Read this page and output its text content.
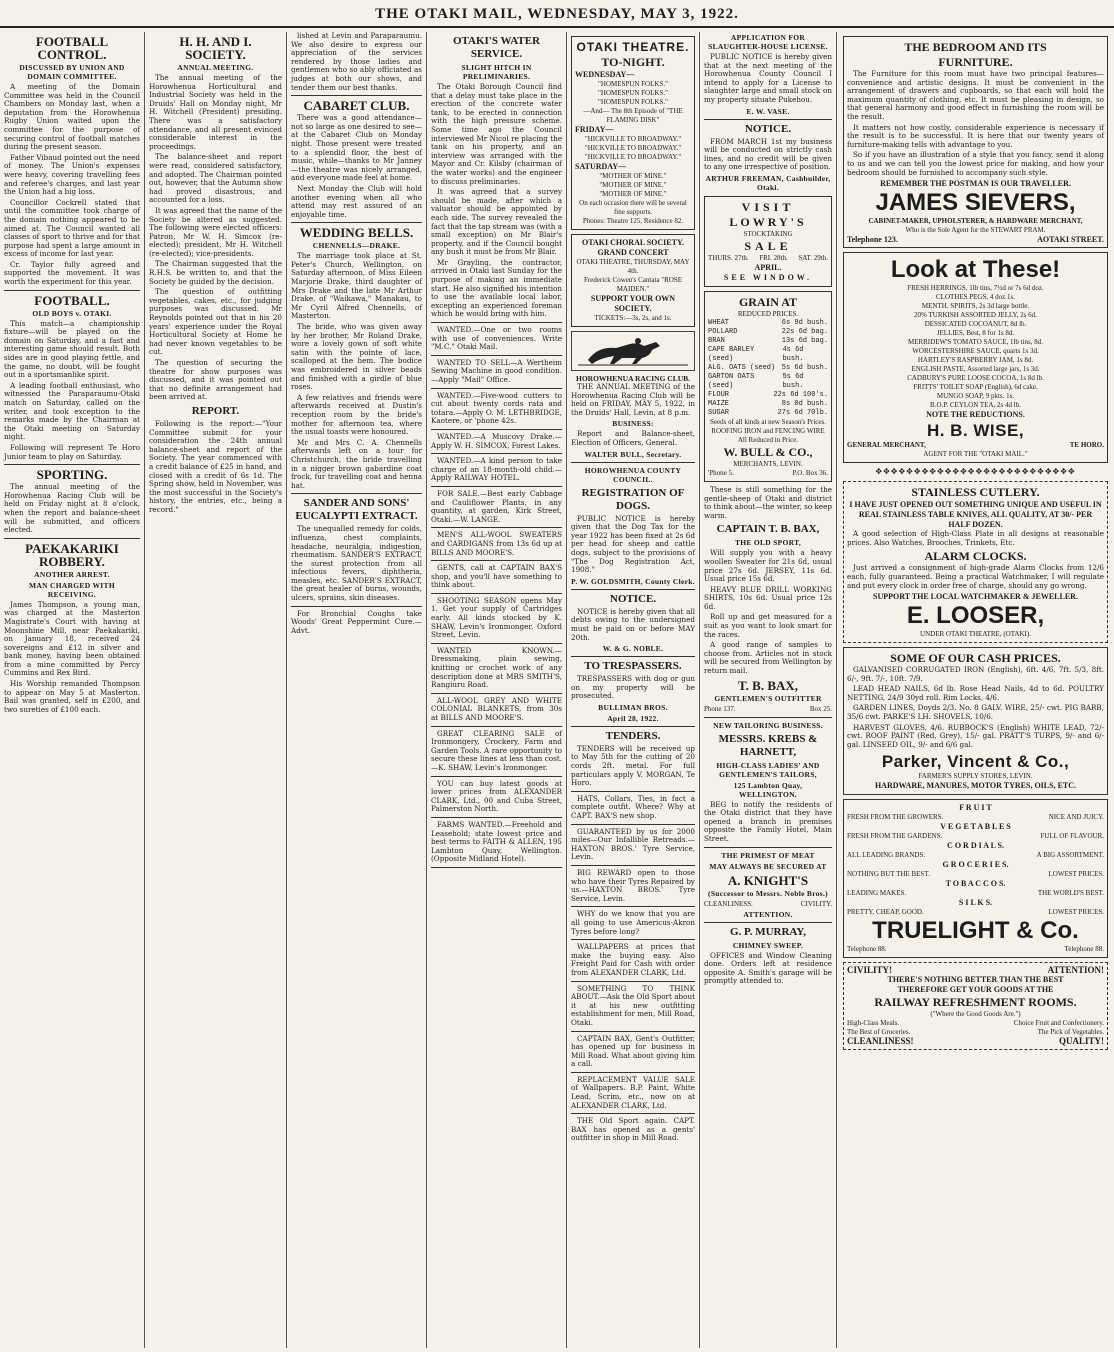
THE OTAKI MAIL, WEDNESDAY, MAY 3, 1922.
FOOTBALL CONTROL.
DISCUSSED BY UNION AND DOMAIN COMMITTEE.

A meeting of the Domain Committee was held in the Council Chambers on Monday last, when a deputation from the Horowhenua Rugby Union waited upon the committee for the purpose of securing control of football matches during the present season.

Father Vibaud pointed out the need of money. The Union's expenses were heavy, covering travelling fees and referee's charges, and last year the Union had a big loss.

Councillor Cockrell stated that until the committee took charge of the domain nothing appeared to be aimed at. The Council wanted all classes of sport to thrive and for that purpose had spent a large amount in excess of income for last year.

Cr. Taylor fully agreed and supported the movement. It was worth the experiment for this year.

FOOTBALL.
OLD BOYS v. OTAKI.

This match—a championship fixture—will be played on the domain on Saturday, and a fast and interesting game should result. Both sides are in good playing fettle, and the game, no doubt, will be fought out in a sportsmanlike spirit.

A leading football enthusiast, who witnessed the Paraparaumu-Otaki match on Saturday, called on the writer, and took exception to the remarks made by the Chairman at the Otaki meeting on Saturday night.

Following will represent Te Horo Junior team to play on Saturday.

SPORTING.

The annual meeting of the Horowhenua Racing Club will be held on Friday night at 8 o'clock, when the report and balance-sheet will be submitted, and officers elected.

PAEKAKARIKI ROBBERY.
ANOTHER ARREST.
MAN CHARGED WITH RECEIVING.

James Thompson, a young man, was charged at the Masterton Magistrate's Court with having at Moonshine Mill, near Paekakariki, on January 18, received 24 sovereigns and £12 in silver and bank money, having been obtained from a mine committed by Percy Cummins and Rex Bird.

His Worship remanded Thompson to appear on May 5 at Masterton. Bail was granted, self in £200, and two sureties of £100 each.

H. H. AND I. SOCIETY.
ANNUAL MEETING.

The annual meeting of the Horowhenua Horticultural and Industrial Society was held in the Druids' Hall on Monday night, Mr H. Witchell (President) presiding. There was a satisfactory attendance, and all present evinced considerable interest in the proceedings.

The balance-sheet and report were read, considered satisfactory, and adopted. The Chairman pointed out, however, that the Autumn show had proved disastrous, and accounted for a loss.

It was agreed that the name of the Society be altered as suggested. The following were elected officers: Patron, Mr W. H. Simcox (re-elected); president, Mr H. Witchell (re-elected); vice-presidents.

The Chairman suggested that the R.H.S. be written to, and that the Society be guided by the decision.

The question of outfitting vegetables, cakes, etc., for judging purposes was discussed. Mr Reynolds pointed out that in his 20 years' experience under the Royal Horticultural Society at Home he had never known vegetables to be cut.

The question of securing the theatre for show purposes was discussed, and it was pointed out that no definite arrangement had been arrived at.

REPORT.

Following is the report:—"Your Committee submit for your consideration the 24th annual balance-sheet and report of the Society. The year commenced with a credit balance of £25 in hand, and closed with a credit of 6s 1d. The Spring show, held in November, was the most successful in the Society's history, the entries, etc., being a record."

lished at Levin and Paraparaumu. We also desire to express our appreciation of the services rendered by those ladies and gentlemen who so ably officiated as judges at both our shows, and tender them our best thanks.

CABARET CLUB.

There was a good attendance—not so large as one desired to see—at the Cabaret Club on Monday night. Those present were treated to a splendid floor, the best of music, while—thanks to Mr Janney—the theatre was nicely arranged, and everyone made feel at home.

Next Monday the Club will hold another evening when all who attend may rest assured of an enjoyable time.

WEDDING BELLS.
CHENNELLS—DRAKE.

The marriage took place at St. Peter's Church, Wellington, on Saturday afternoon, of Miss Eileen Marjorie Drake, third daughter of Mrs Drake and the late Mr Arthur Drake, of "Waikawa," Manakau, to Mr Cyril Alfred Chennells, of Masterton.

The bride, who was given away by her brother, Mr Roland Drake, wore a lovely gown of soft white satin with the pointe of lace, scalloped at the hem. The bodice was embroidered in silver beads and finished with a girdle of blue roses.

A few relatives and friends were afterwards received at Dustin's reception room by the bride's mother for afternoon tea, where the usual toasts were honoured.

Mr and Mrs C. A. Chennells afterwards left on a tour for Christchurch, the bride travelling in a nigger brown gabardine coat frock, fur travelling coat and henna hat.

SANDER AND SONS' EUCALYPTI EXTRACT.

The unequalled remedy for colds, influenza, chest complaints, headache, neuralgia, indigestion, rheumatism. SANDER'S EXTRACT, the surest protection from all infectious fevers, diphtheria, measles, etc. SANDER'S EXTRACT, the great healer of burns, wounds, ulcers, sprains, skin diseases.

For Bronchial Coughs take Woods' Great Peppermint Cure.—Advt.

OTAKI'S WATER SERVICE.
SLIGHT HITCH IN PRELIMINARIES.

The Otaki Borough Council find that a delay must take place in the erection of the concrete water tank, to be erected in connection with the high pressure scheme. Some time ago the Council interviewed Mr Nicol re placing the tank on his property, and an interview was arranged with the Mayor and Cr. Kilsby (chairman of the water works) and the engineer to discuss preliminaries.

It was agreed that a survey should be made, after which a valuator should be appointed by each side. The survey revealed the fact that the tap stream was (with a small exception) on Mr Blair's property, and if the Council bought any bush it must be from Mr Blair.

Mr Grayling, the contractor, arrived in Otaki last Sunday for the purpose of making an immediate start. He also signified his intention to use the available local labor, excepting an experienced foreman which he would bring with him.

WANTED.—One or two rooms with use of conveniences. Write "M.C." Otaki Mail.

WANTED TO SELL—A Wertheim Sewing Machine in good condition.—Apply "Mail" Office.

WANTED.—Five-wood cutters to cut about twenty cords rata and totara.—Apply O. M. LETHBRIDGE, Kaotere, or 'phone 42s.

WANTED.—A Muscovy Drake.—Apply W. H. SIMCOX, Forest Lakes.

WANTED.—A kind person to take charge of an 18-month-old child.—Apply RAILWAY HOTEL.

FOR SALE.—Best early Cabbage and Cauliflower Plants, in any quantity, at garden, Kirk Street, Otaki.—W. LANGE.

MEN'S ALL-WOOL SWEATERS and CARDIGANS from 13s 6d up at BILLS AND MOORE'S.

GENTS, call at CAPTAIN BAX'S shop, and you'll have something to think about.

SHOOTING SEASON opens May 1. Get your supply of Cartridges early. All kinds stocked by K. SHAW, Levin's Ironmonger, Oxford Street, Levin.

WANTED KNOWN.—Dressmaking, plain sewing, knitting or crochet work of any description done at MRS SMITH'S, Rangiuru Road.

ALL-WOOL GREY AND WHITE COLONIAL BLANKETS, from 30s at BILLS AND MOORE'S.

GREAT CLEARING SALE of Ironmongery, Crockery, Farm and Garden Tools. A rare opportunity to secure these lines at less than cost.—K. SHAW, Levin's Ironmonger.

YOU can buy latest goods at lower prices from ALEXANDER CLARK, Ltd., 00 and Cuba Street, Palmerston North.

FARMS WANTED.—Freehold and Leasehold; state lowest price and best terms to FAITH & ALLEN, 195 Lambton Quay, Wellington. (Opposite Midland Hotel).

OTAKI THEATRE.
TO-NIGHT.
WEDNESDAY—
"HOMESPUN FOLKS."
"HOMESPUN FOLKS."
"HOMESPUN FOLKS."
—And— The 8th Episode of "THE FLAMING DISK"
FRIDAY—
"HICKVILLE TO BROADWAY."
"HICKVILLE TO BROADWAY."
"HICKVILLE TO BROADWAY."
SATURDAY—
"MOTHER OF MINE."
"MOTHER OF MINE."
"MOTHER OF MINE."
On each occasion there will be several fine supports.
Phones: Theatre 125, Residence 82.
OTAKI CHORAL SOCIETY.
GRAND CONCERT
OTAKI THEATRE, THURSDAY, MAY 4th.
Frederick Cowen's Cantata "ROSE MAIDEN."
SUPPORT YOUR OWN SOCIETY.
TICKETS:—3s, 2s, and 1s.
HOROWHENUA RACING CLUB.

THE ANNUAL MEETING of the Horowhenua Racing Club will be held on FRIDAY, MAY 5, 1922, in the Druids' Hall, Levin, at 8 p.m.

BUSINESS:

Report and Balance-sheet, Election of Officers, General.

WALTER BULL, Secretary.
HOROWHENUA COUNTY COUNCIL.
REGISTRATION OF DOGS.

PUBLIC NOTICE is hereby given that the Dog Tax for the year 1922 has been fixed at 2s 6d per head for sheep and cattle dogs, subject to the provisions of "The Dog Registration Act, 1908."

P. W. GOLDSMITH, County Clerk.
NOTICE.

NOTICE is hereby given that all debts owing to the undersigned must be paid on or before MAY 20th.

W. & G. NOBLE.
TO TRESPASSERS.

TRESPASSERS with dog or gun on my property will be prosecuted.

BULLIMAN BROS.
April 28, 1922.
TENDERS.

TENDERS will be received up to May 5th for the cutting of 20 cords 2ft. metal. For full particulars apply V. MORGAN, Te Horo.

HATS, Collars, Ties, in fact a complete outfit. Where? Why at CAPT. BAX'S new shop.

GUARANTEED by us for 2000 miles—Our Infallible Retreads.—HAXTON BROS.' Tyre Service, Levin.

BIG REWARD open to those who have their Tyres Repaired by us.—HAXTON BROS.' Tyre Service, Levin.

WHY do we know that you are all going to use Americus-Akron Tyres before long?

WALLPAPERS at prices that make the buying easy. Also Freight Paid for Cash with order from ALEXANDER CLARK, Ltd.

SOMETHING TO THINK ABOUT.—Ask the Old Sport about it at his new outfitting establishment for men, Mill Road, Otaki.

CAPTAIN BAX, Gent's Outfitter, has opened up for business in Mill Road. What about giving him a call.

REPLACEMENT VALUE SALE of Wallpapers. B.P. Paint, White Lead, Scrim, etc., now on at ALEXANDER CLARK, Ltd.

THE Old Sport again. CAPT. BAX has opened as a gents' outfitter in shop in Mill Road.

APPLICATION FOR SLAUGHTER-HOUSE LICENSE.

PUBLIC NOTICE is hereby given that at the next meeting of the Horowhenua County Council I intend to apply for a License to slaughter large and small stock on my property situate Pukehou.

E. W. VASE.
NOTICE.

FROM MARCH 1st my business will be conducted on strictly cash lines, and no credit will be given to any one irrespective of position.

ARTHUR FREEMAN, Cashbuilder, Otaki.
VISIT
LOWRY'S
STOCKTAKING
SALE
THURS. 27th. FRI. 28th. SAT. 29th.
APRIL.
SEE WINDOW.
GRAIN AT
REDUCED PRICES.
WHEAT	6s 9d bush.
POLLARD	22s 6d bag.
BRAN	13s 6d bag.
CAPE BARLEY (seed)
4s 6d bush.
ALG. OATS (seed) 5s 6d bush.
GARTON OATS (seed)
5s 6d bush.
FLOUR	22s 6d 100's.
MAIZE	8s 0d bush.
SUGAR	27s 6d 70lb.
Seeds of all kinds at new Season's Prices.
ROOFING IRON and FENCING WIRE All Reduced in Price.
W. BULL & CO.,
MERCHANTS, LEVIN.
'Phone 5.	P.O. Box 36.

These is still something for the gentle-sheep of Otaki and district to think about—the winter, so keep warm.

CAPTAIN T. B. BAX,
THE OLD SPORT,

Will supply you with a heavy woollen Sweater for 21s 6d, usual price 27s 6d. JERSEY, 11s 6d. Usual price 15s 6d.

HEAVY BLUE DRILL WORKING SHIRTS, 10s 6d. Usual price 12s 6d.

Roll up and get measured for a suit as you want to look smart for the races.

A good range of samples to choose from. Articles not in stock will be secured from Wellington by return mail.

T. B. BAX,
GENTLEMEN'S OUTFITTER
Phone 137.	Box 25.
NEW TAILORING BUSINESS.
MESSRS. KREBS & HARNETT,
HIGH-CLASS LADIES' AND GENTLEMEN'S TAILORS,
125 Lambton Quay, WELLINGTON.

BEG to notify the residents of the Otaki district that they have opened a branch in premises opposite the Family Hotel, Main Street.

THE PRIMEST OF MEAT
MAY ALWAYS BE SECURED AT
A. KNIGHT'S
(Successor to Messrs. Noble Bros.)
CLEANLINESS.	CIVILITY.
ATTENTION.
G. P. MURRAY,
CHIMNEY SWEEP.

OFFICES and Window Cleaning done. Orders left at residence opposite A. Smith's garage will be promptly attended to.

THE BEDROOM AND ITS
FURNITURE.

The Furniture for this room must have two principal features—convenience and artistic designs. It must be convenient in the arrangement of drawers and cupboards, so that each will hold the maximum quantity of clothing, etc. It must be pleasing in design, so that general harmony and good effect in furnishing the room will be the result.

It matters not how costly, considerable experience is necessary if the result is to be successful. It is here that our twenty years of furniture-making tells with advantage to you.

So if you have an illustration of a style that you fancy, send it along to us and we can tell you the lowest price for making, and how your bedroom should be furnished to accompany such style.

REMEMBER THE POSTMAN IS OUR TRAVELLER.
JAMES SIEVERS,
CABINET-MAKER, UPHOLSTERER, & HARDWARE MERCHANT,
Who is the Sole Agent for the STEWART PRAM.
Telephone 123.	AOTAKI STREET.
Look at These!
FRESH HERRINGS, 1lb tins, 7½d or 7s 6d doz.
CLOTHES PEGS, 4 doz 1s.
MENTH. SPIRITS, 2s 3d large bottle.
20% TURKISH ASSORTED JELLY, 2s 6d.
DESSICATED COCOANUT, 8d lb.
JELLIES, Best, 8 for 1s 8d.
MERRIDEW'S TOMATO SAUCE, 1lb tins, 8d.
WORCESTERSHIRE SAUCE, quarts 1s 3d.
HARTLEY'S RASPBERRY JAM, 1s 8d.
ENGLISH PASTE, Assorted large jars, 1s 3d.
CADBURY'S PURE LOOSE COCOA, 1s 8d lb.
FRITTS' TOILET SOAP (English), 6d cake.
MUNGO SOAP, 9 pkts. 1s.
B.O.P. CEYLON TEA, 2s 4d lb.
NOTE THE REDUCTIONS.
H. B. WISE,
GENERAL MERCHANT,	TE HORO.
AGENT FOR THE "OTAKI MAIL."
✥✥✥✥✥✥✥✥✥✥✥✥✥✥✥✥✥✥✥✥✥✥✥✥✥✥
STAINLESS CUTLERY.
I HAVE JUST OPENED OUT SOMETHING UNIQUE AND USEFUL IN REAL STAINLESS TABLE KNIVES, ALL QUALITY, AT 30/- PER HALF DOZEN.

A good selection of High-Class Plate in all designs at reasonable prices. Also Watches, Brooches, Trinkets, Etc.

ALARM CLOCKS.

Just arrived a consignment of high-grade Alarm Clocks from 12/6 each, fully guaranteed. Being a practical Watchmaker, I will regulate and put every clock in order free of charge, should any go wrong.

SUPPORT THE LOCAL WATCHMAKER & JEWELLER.
E. LOOSER,
UNDER OTAKI THEATRE, (OTAKI).
SOME OF OUR CASH PRICES.

GALVANISED CORRUGATED IRON (English), 6ft. 4/6, 7ft. 5/3, 8ft. 6/-, 9ft. 7/-, 10ft. 7/9.

LEAD HEAD NAILS, 6d lb. Rose Head Nails, 4d to 6d. POULTRY NETTING, 24/9 30yd roll. Rim Locks, 4/6.

GARDEN LINES, Doyds 2/3. No. 8 GALV. WIRE, 25/- cwt. PIG BARB, 35/6 cwt. PARKE'S LH. SHOVELS, 10/6.

HARVEST GLOVES, 4/6. RUBBOCK'S (English) WHITE LEAD, 72/- cwt. ROOF PAINT (Red, Grey), 15/- gal. PRATT'S TURPS, 9/- and 6/- gal. LINSEED OIL, 9/- and 6/6 gal.

Parker, Vincent & Co.,
FARMER'S SUPPLY STORES, LEVIN.
HARDWARE, MANURES, MOTOR TYRES, OILS, ETC.
F R U I T
FRESH FROM THE GROWERS.	NICE AND JUICY.
V E G E T A B L E S
FRESH FROM THE GARDENS.	FULL OF FLAVOUR.
C O R D I A L S.
ALL LEADING BRANDS.	A BIG ASSORTMENT.
G R O C E R I E S.
NOTHING BUT THE BEST.	LOWEST PRICES.
T O B A C C O S.
LEADING MAKES.	THE WORLD'S BEST.
S I L K S.
PRETTY, CHEAP, GOOD.	LOWEST PRICES.
TRUELIGHT & Co.
Telephone 88.	Telephone 88.
CIVILITY!	ATTENTION!
THERE'S NOTHING BETTER THAN THE BEST
THEREFORE GET YOUR GOODS AT THE
RAILWAY REFRESHMENT ROOMS.
("Where the Good Goods Are.")
High-Class Meals.	Choice Fruit and Confectionery.
The Best of Groceries.	The Pick of Vegetables.
CLEANLINESS!	QUALITY!
